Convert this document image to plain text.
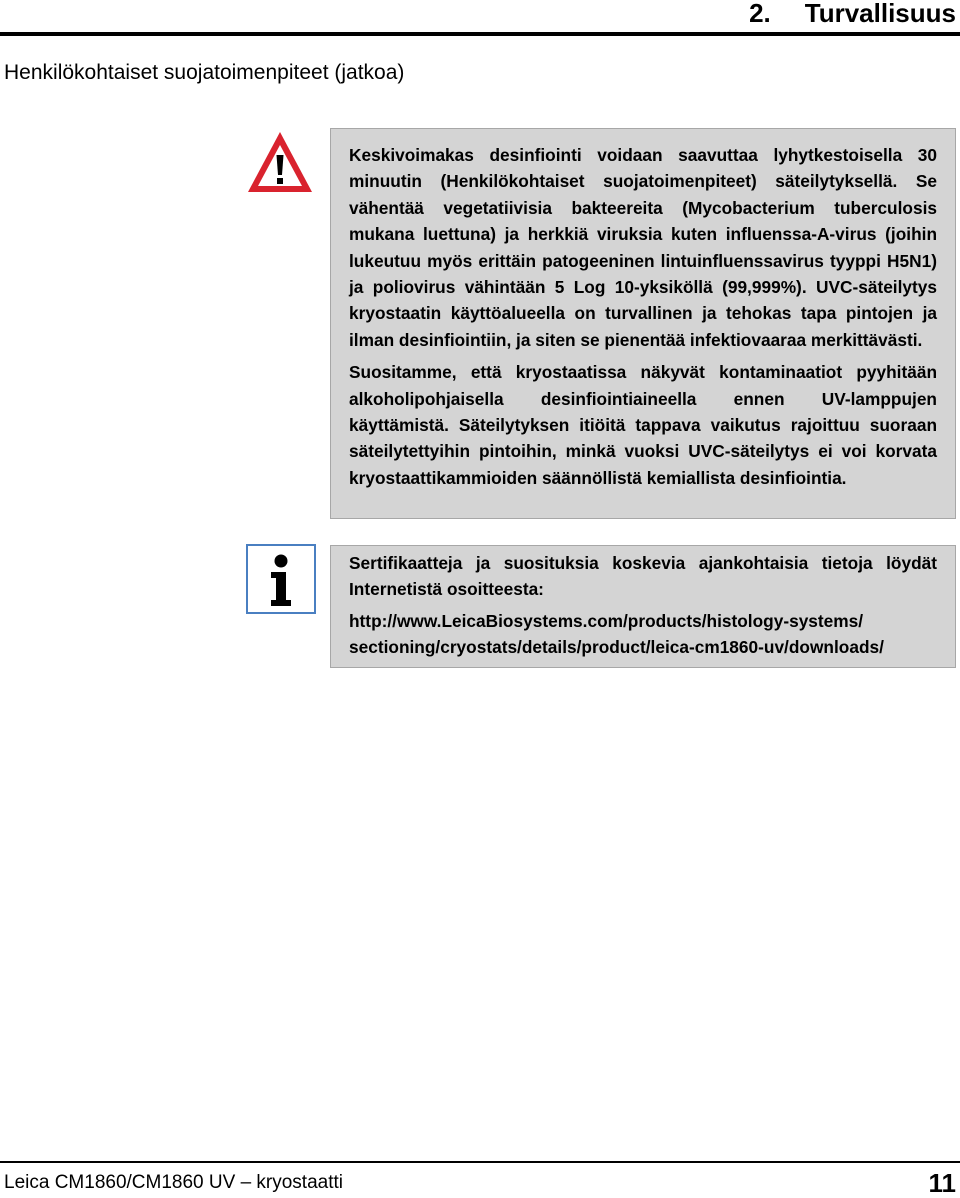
2. Turvallisuus
Henkilökohtaiset suojatoimenpiteet (jatkoa)

Keskivoimakas desinfiointi voidaan saavuttaa lyhytkestoisella 30 minuutin (Henkilökohtaiset suojatoimenpiteet) säteilytyksellä. Se vähentää vegetatiivisia bakteereita (Mycobacterium tuberculosis mukana luettuna) ja herkkiä viruksia kuten influenssa-A-virus (joihin lukeutuu myös erittäin patogeeninen lintuinfluenssavirus tyyppi H5N1) ja poliovirus vähintään 5 Log 10-yksiköllä (99,999%). UVC-säteilytys kryostaatin käyttöalueella on turvallinen ja tehokas tapa pintojen ja ilman desinfiointiin, ja siten se pienentää infektiovaaraa merkittävästi.

Suositamme, että kryostaatissa näkyvät kontaminaatiot pyyhitään alkoholipohjaisella desinfiointiaineella ennen UV-lamppujen käyttämistä. Säteilytyksen itiöitä tappava vaikutus rajoittuu suoraan säteilytettyihin pintoihin, minkä vuoksi UVC-säteilytys ei voi korvata kryostaattikammioiden säännöllistä kemiallista desinfiointia.

Sertifikaatteja ja suosituksia koskevia ajankohtaisia tietoja löydät Internetistä osoitteesta:

http://www.LeicaBiosystems.com/products/histology-systems/ sectioning/cryostats/details/product/leica-cm1860-uv/downloads/

Leica CM1860/CM1860 UV – kryostaatti	11
